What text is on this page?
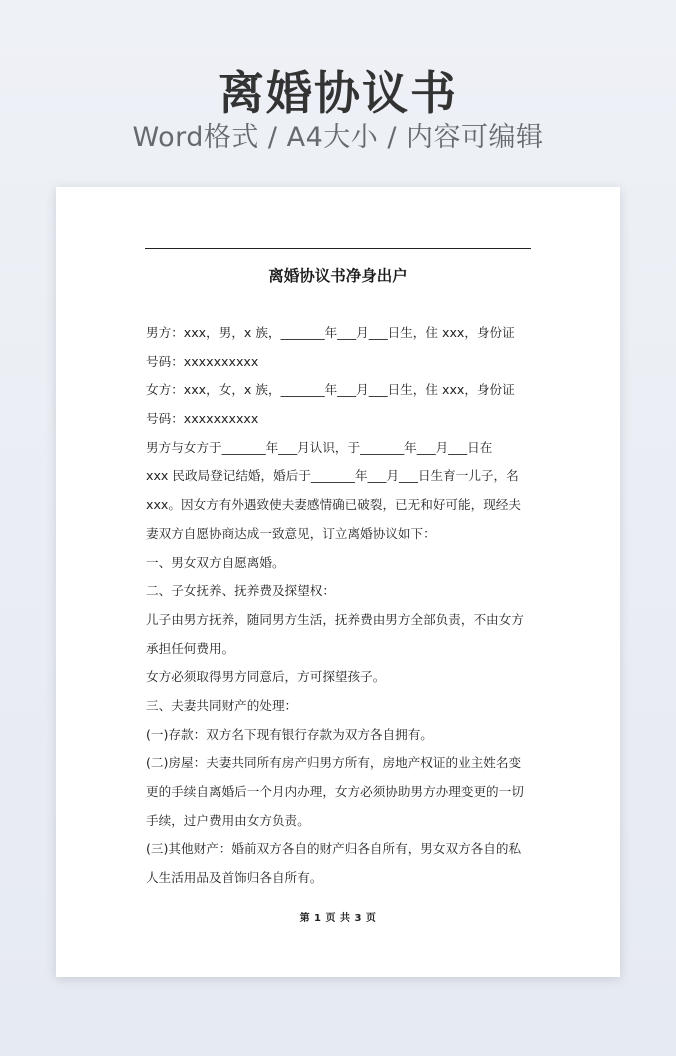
离婚协议书
Word格式 / A4大小 / 内容可编辑
离婚协议书净身出户
男方：xxx，男，x 族，_______年___月___日生，住 xxx，身份证
号码：xxxxxxxxxx
女方：xxx，女，x 族，_______年___月___日生，住 xxx，身份证
号码：xxxxxxxxxx
男方与女方于_______年___月认识，于_______年___月___日在
xxx 民政局登记结婚，婚后于_______年___月___日生育一儿子，名
xxx。因女方有外遇致使夫妻感情确已破裂，已无和好可能，现经夫
妻双方自愿协商达成一致意见，订立离婚协议如下：
一、男女双方自愿离婚。
二、子女抚养、抚养费及探望权：
儿子由男方抚养，随同男方生活，抚养费由男方全部负责，不由女方
承担任何费用。
女方必须取得男方同意后，方可探望孩子。
三、夫妻共同财产的处理：
(一)存款：双方名下现有银行存款为双方各自拥有。
(二)房屋：夫妻共同所有房产归男方所有，房地产权证的业主姓名变
更的手续自离婚后一个月内办理，女方必须协助男方办理变更的一切
手续，过户费用由女方负责。
(三)其他财产：婚前双方各自的财产归各自所有，男女双方各自的私
人生活用品及首饰归各自所有。
第 1 页 共 3 页
